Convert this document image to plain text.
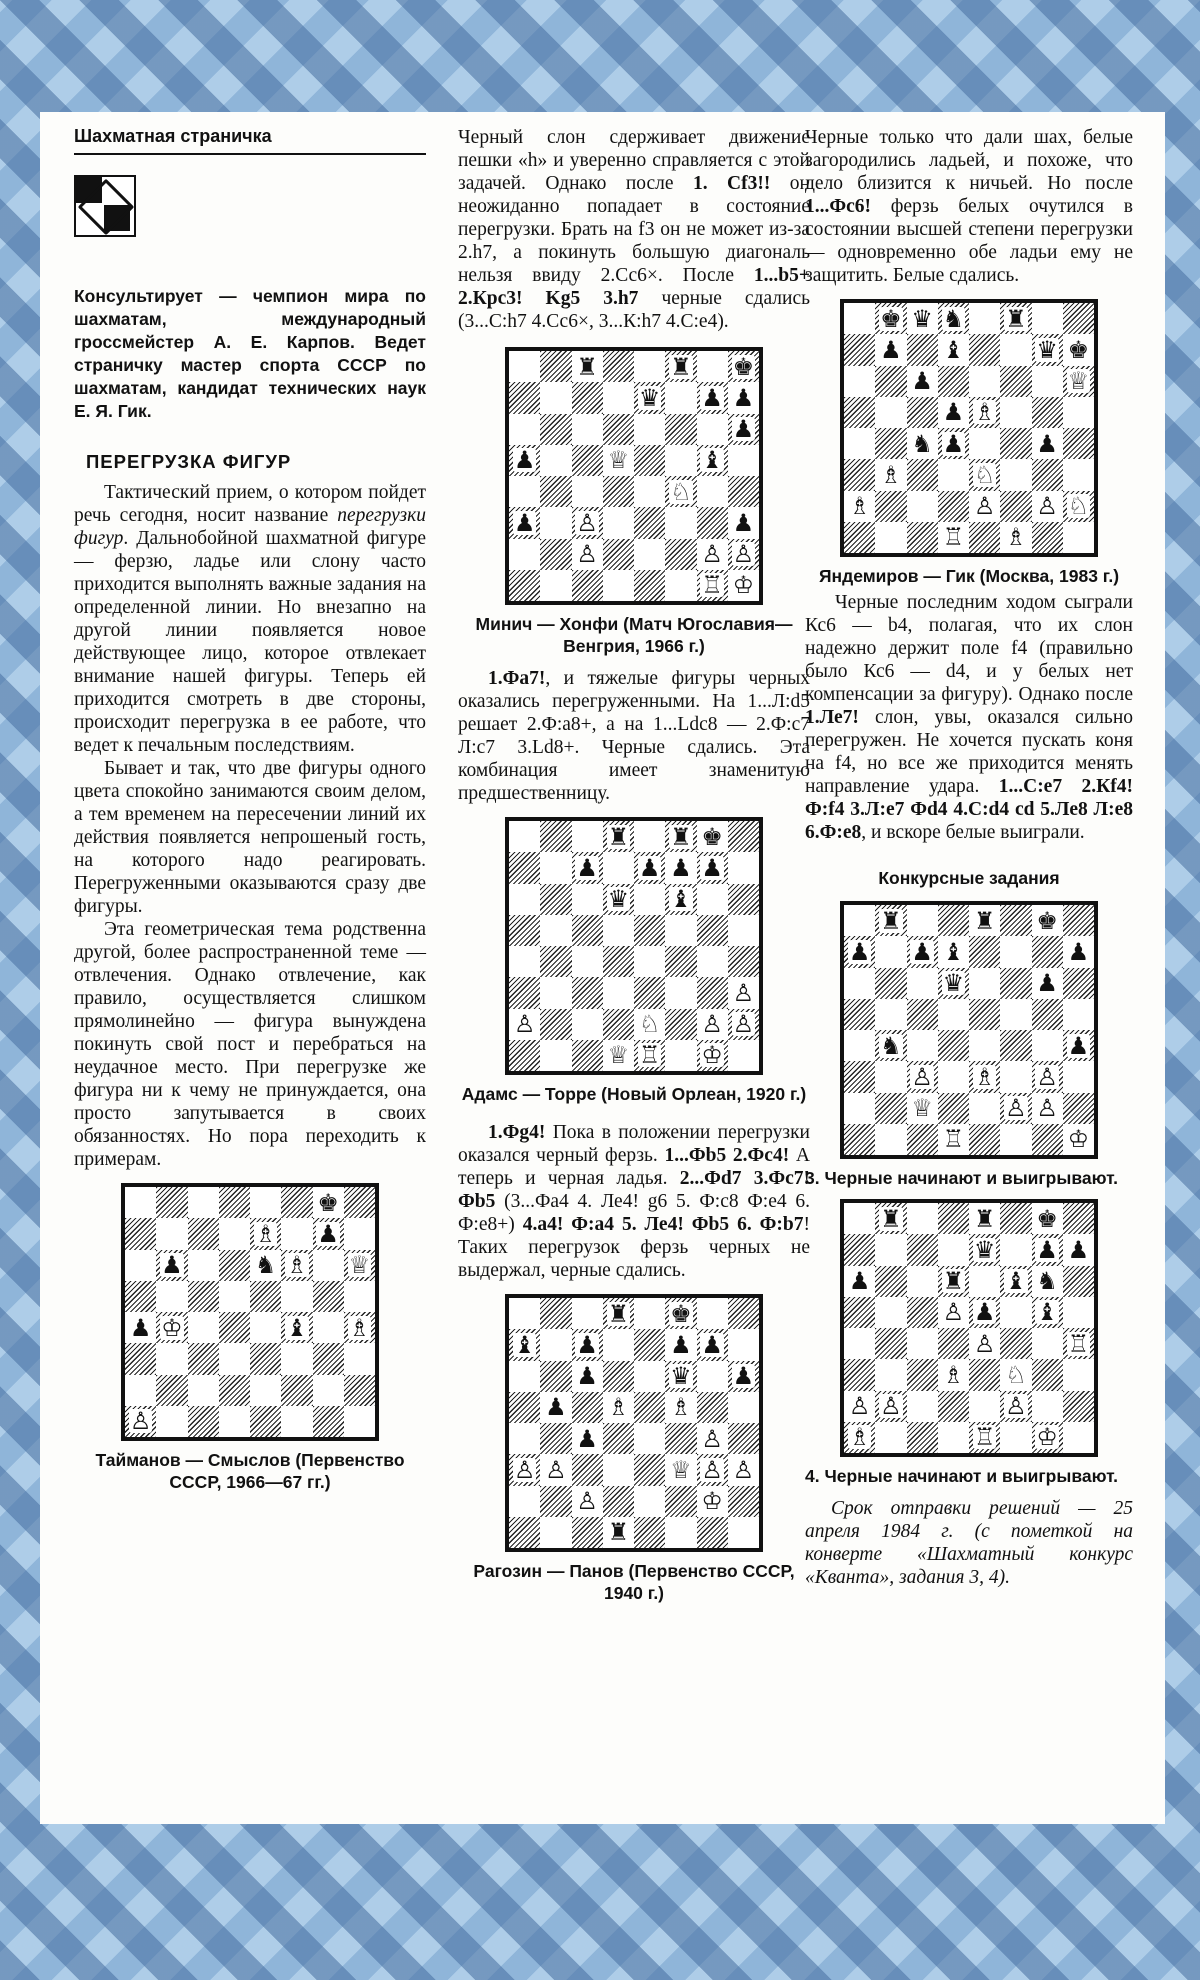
Шахматная страничка
Консультирует — чемпион мира по шахматам, международный гроссмейстер А. Е. Карпов. Ведет страничку мастер спорта СССР по шахматам, кандидат технических наук Е. Я. Гик.
ПЕРЕГРУЗКА ФИГУР

Тактический прием, о котором пойдет речь сегодня, носит название перегрузки фигур. Дальнобойной шахматной фигуре — ферзю, ладье или слону часто приходится выполнять важные задания на определенной линии. Но внезапно на другой линии появляется новое действующее лицо, которое отвлекает внимание нашей фигуры. Теперь ей приходится смотреть в две стороны, происходит перегрузка в ее работе, что ведет к печальным последствиям.

Бывает и так, что две фигуры одного цвета спокойно занимаются своим делом, а тем временем на пересечении линий их действия появляется непрошеный гость, на которого надо реагировать. Перегруженными оказываются сразу две фигуры.

Эта геометрическая тема родственна другой, более распространенной теме — отвлечения. Однако отвлечение, как правило, осуществляется слишком прямолинейно — фигура вынуждена покинуть свой пост и перебраться на неудачное место. При перегрузке же фигура ни к чему не принуждается, она просто запутывается в своих обязанностях. Но пора переходить к примерам.

♚
♗ ♟
♟	♞ ♗ ♕
♟ ♔	♝ ♗
♙
Тайманов — Смыслов (Первенство СССР, 1966—67 гг.)

Черный слон сдерживает движение пешки «h» и уверенно справляется с этой задачей. Однако после 1. Cf3!! он неожиданно попадает в состояние перегрузки. Брать на f3 он не может из-за 2.h7, а покинуть большую диагональ нельзя ввиду 2.Сс6×. После 1...b5+ 2.Крс3! Kg5 3.h7 черные сдались (3...С:h7 4.Сс6×, 3...К:h7 4.С:е4).

♜	♜ ♚
♛ ♟ ♟
♟
♟	♕	♝
♘
♟ ♙	♟
♙	♙ ♙
♖ ♔
Минич — Хонфи (Матч Югославия—Венгрия, 1966 г.)

1.Фа7!, и тяжелые фигуры черных оказались перегруженными. На 1...Л:d5 решает 2.Ф:а8+, а на 1...Ldc8 — 2.Ф:с7 Л:с7 3.Ld8+. Черные сдались. Эта комбинация имеет знаменитую предшественницу.

♜ ♜ ♚
♟ ♟ ♟ ♟
♛ ♝
♙
♙	♘ ♙ ♙
♕ ♖ ♔
Адамс — Торре (Новый Орлеан, 1920 г.)

1.Фg4! Пока в положении перегрузки оказался черный ферзь. 1...Фb5 2.Фс4! А теперь и черная ладья. 2...Фd7 3.Фс7! Фb5 (3...Фа4 4. Ле4! g6 5. Ф:с8 Ф:е4 6. Ф:е8+) 4.a4! Ф:а4 5. Ле4! Фb5 6. Ф:b7! Таких перегрузок ферзь черных не выдержал, черные сдались.

♜ ♚
♝ ♟	♟ ♟
♟	♛ ♟
♟ ♗ ♗
♟	♙
♙ ♙	♕ ♙ ♙
♙	♔
♜
Рагозин — Панов (Первенство СССР, 1940 г.)

Черные только что дали шах, белые загородились ладьей, и похоже, что дело близится к ничьей. Но после 1...Фс6! ферзь белых очутился в состоянии высшей степени перегрузки — одновременно обе ладьи ему не защитить. Белые сдались.

♚ ♛ ♞ ♜
♟ ♝	♛ ♚
♟	♕
♟ ♗
♞ ♟	♟
♗	♘
♗	♙ ♙ ♘
♖ ♗
Яндемиров — Гик (Москва, 1983 г.)

Черные последним ходом сыграли Кс6 — b4, полагая, что их слон надежно держит поле f4 (правильно было Кс6 — d4, и у белых нет компенсации за фигуру). Однако после 1.Ле7! слон, увы, оказался сильно перегружен. Не хочется пускать коня на f4, но все же приходится менять направление удара. 1...С:е7 2.Кf4! Ф:f4 3.Л:е7 Фd4 4.С:d4 cd 5.Ле8 Л:е8 6.Ф:е8, и вскоре белые выиграли.

Конкурсные задания
♜	♜ ♚
♟ ♟ ♝	♟
♛	♟
♞	♟
♙ ♗ ♙
♕	♙ ♙
♖	♔
3. Черные начинают и выигрывают.
♜	♜ ♚
♛ ♟ ♟
♟	♜ ♝ ♞
♙ ♟ ♝
♙	♖
♗ ♘
♙ ♙	♙
♗	♖ ♔
4. Черные начинают и выигрывают.

Срок отправки решений — 25 апреля 1984 г. (с пометкой на конверте «Шахматный конкурс «Кванта», задания 3, 4).
